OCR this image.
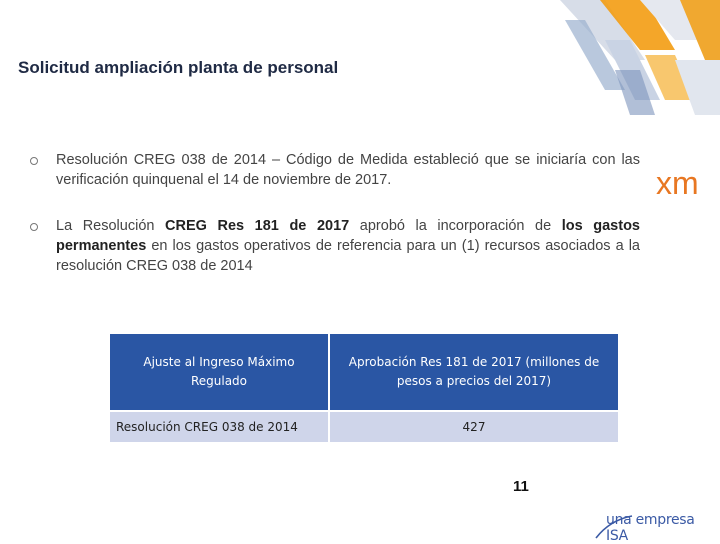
Solicitud ampliación planta de personal
Resolución CREG 038 de 2014 – Código de Medida estableció que se iniciaría con las verificación quinquenal el 14 de noviembre de 2017.
La Resolución CREG Res 181 de 2017 aprobó la incorporación de los gastos permanentes en los gastos operativos de referencia para un (1) recursos asociados a la resolución CREG 038 de 2014
xm
Ajuste al Ingreso Máximo Regulado	Aprobación Res 181 de 2017 (millones de pesos a precios del 2017)
Resolución CREG 038 de 2014	427
11
una empresa ISA
